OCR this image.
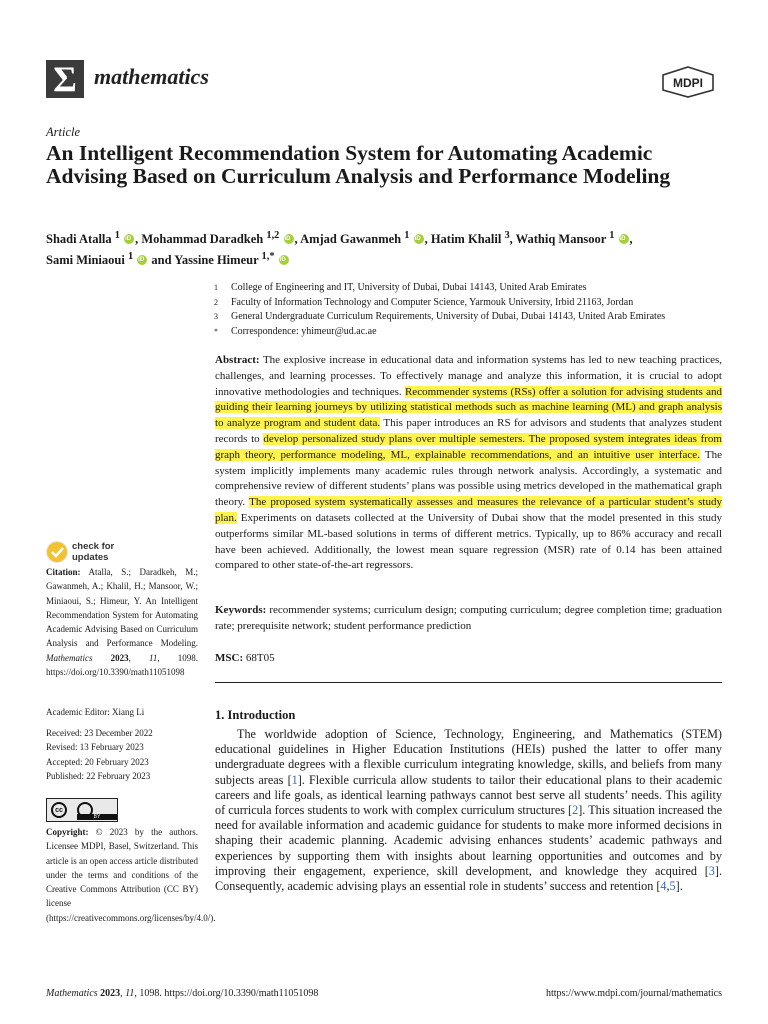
Σ mathematics	MDPI
Article
An Intelligent Recommendation System for Automating Academic Advising Based on Curriculum Analysis and Performance Modeling
Shadi Atalla $^1$ iD , Mohammad Daradkeh $^{1,2}$ iD , Amjad Gawanmeh $^1$ iD , Hatim Khalil $^3$, Wathiq Mansoor $^1$ iD ,
Sami Miniaoui $^1$ iD and Yassine Himeur $^{1,*}$ iD
1	College of Engineering and IT, University of Dubai, Dubai 14143, United Arab Emirates
2	Faculty of Information Technology and Computer Science, Yarmouk University, Irbid 21163, Jordan
3	General Undergraduate Curriculum Requirements, University of Dubai, Dubai 14143, United Arab Emirates
*	Correspondence: yhimeur@ud.ac.ae
Abstract: The explosive increase in educational data and information systems has led to new teaching practices, challenges, and learning processes. To effectively manage and analyze this information, it is crucial to adopt innovative methodologies and techniques. Recommender systems (RSs) offer a solution for advising students and guiding their learning journeys by utilizing statistical methods such as machine learning (ML) and graph analysis to analyze program and student data. This paper introduces an RS for advisors and students that analyzes student records to develop personalized study plans over multiple semesters. The proposed system integrates ideas from graph theory, performance modeling, ML, explainable recommendations, and an intuitive user interface. The system implicitly implements many academic rules through network analysis. Accordingly, a systematic and comprehensive review of different students’ plans was possible using metrics developed in the mathematical graph theory. The proposed system systematically assesses and measures the relevance of a particular student’s study plan. Experiments on datasets collected at the University of Dubai show that the model presented in this study outperforms similar ML-based solutions in terms of different metrics. Typically, up to 86% accuracy and recall have been achieved. Additionally, the lowest mean square regression (MSR) rate of 0.14 has been attained compared to other state-of-the-art regressors.
Keywords: recommender systems; curriculum design; computing curriculum; degree completion time; graduation rate; prerequisite network; student performance prediction
MSC: 68T05
1. Introduction

The worldwide adoption of Science, Technology, Engineering, and Mathematics (STEM) educational guidelines in Higher Education Institutions (HEIs) pushed the latter to offer many undergraduate degrees with a flexible curriculum integrating knowledge, skills, and beliefs from many subjects areas [1]. Flexible curricula allow students to tailor their educational plans to their academic careers and life goals, as identical learning pathways cannot best serve all students’ needs. This agility of curricula forces students to work with complex curriculum structures [2]. This situation increased the need for available information and academic guidance for students to make more informed decisions in shaping their academic planning. Academic advising enhances students’ academic pathways and experiences by supporting them with insights about learning opportunities and outcomes and by improving their engagement, experience, skill development, and knowledge they acquired [3]. Consequently, academic advising plays an essential role in students’ success and retention [4,5].

check for
updates
Citation: Atalla, S.; Daradkeh, M.; Gawanmeh, A.; Khalil, H.; Mansoor, W.; Miniaoui, S.; Himeur, Y. An Intelligent Recommendation System for Automating Academic Advising Based on Curriculum Analysis and Performance Modeling. Mathematics 2023, 11, 1098. https://doi.org/10.3390/math11051098
Academic Editor: Xiang Li
Received: 23 December 2022
Revised: 13 February 2023
Accepted: 20 February 2023
Published: 22 February 2023
cc
BY
Copyright: © 2023 by the authors. Licensee MDPI, Basel, Switzerland. This article is an open access article distributed under the terms and conditions of the Creative Commons Attribution (CC BY) license (https://creativecommons.org/licenses/by/4.0/).
Mathematics 2023, 11, 1098. https://doi.org/10.3390/math11051098	https://www.mdpi.com/journal/mathematics
